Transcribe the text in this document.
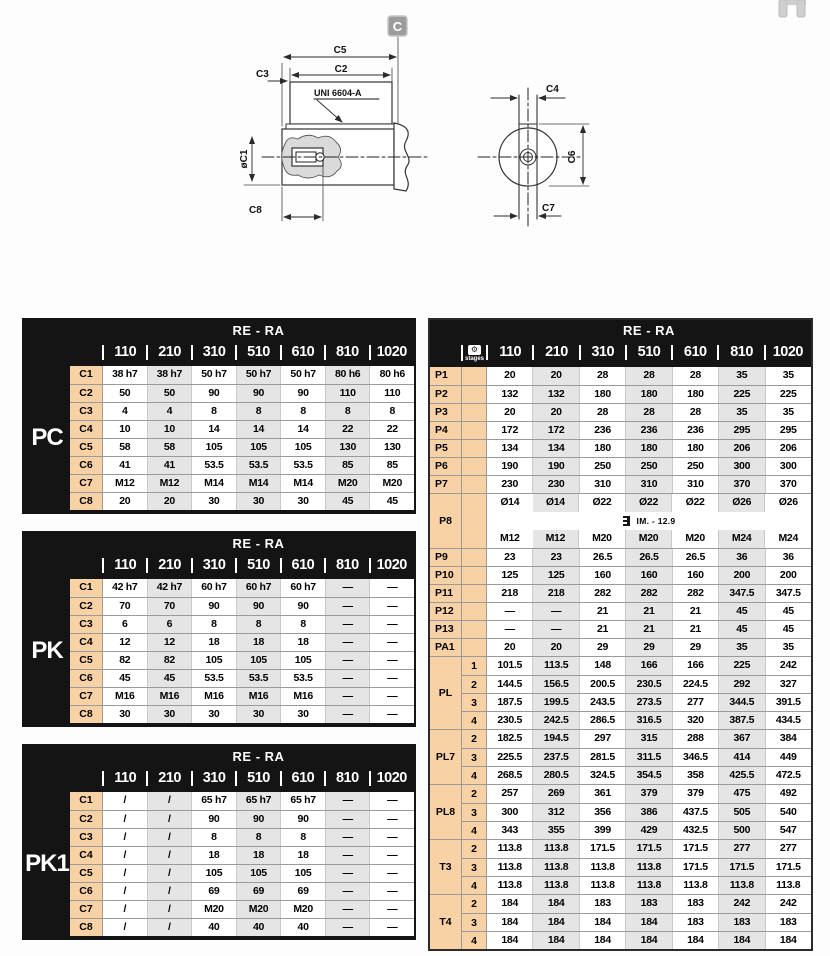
C
UNI 6604-A
C5
C2
C3
øC1
C8
C4
C6
C7
RE - RA
110	210	310	510	610	810	1020
PC
C1	38 h7	38 h7	50 h7	50 h7	50 h7	80 h6	80 h6
C2	50	50	90	90	90	110	110
C3	4	4	8	8	8	8	8
C4	10	10	14	14	14	22	22
C5	58	58	105	105	105	130	130
C6	41	41	53.5	53.5	53.5	85	85
C7	M12	M12	M14	M14	M14	M20	M20
C8	20	20	30	30	30	45	45
RE - RA
110	210	310	510	610	810	1020
PK
C1	42 h7	42 h7	60 h7	60 h7	60 h7	—	—
C2	70	70	90	90	90	—	—
C3	6	6	8	8	8	—	—
C4	12	12	18	18	18	—	—
C5	82	82	105	105	105	—	—
C6	45	45	53.5	53.5	53.5	—	—
C7	M16	M16	M16	M16	M16	—	—
C8	30	30	30	30	30	—	—
RE - RA
110	210	310	510	610	810	1020
PK1
C1	/	/	65 h7	65 h7	65 h7	—	—
C2	/	/	90	90	90	—	—
C3	/	/	8	8	8	—	—
C4	/	/	18	18	18	—	—
C5	/	/	105	105	105	—	—
C6	/	/	69	69	69	—	—
C7	/	/	M20	M20	M20	—	—
C8	/	/	40	40	40	—	—
RE - RA
⚙
stages	110	210	310	510	610	810	1020
P1	20	20	28	28	28	35	35
P2	132	132	180	180	180	225	225
P3	20	20	28	28	28	35	35
P4	172	172	236	236	236	295	295
P5	134	134	180	180	180	206	206
P6	190	190	250	250	250	300	300
P7	230	230	310	310	310	370	370
P8
Ø14	Ø14	Ø22	Ø22	Ø22	Ø26	Ø26
IM. - 12.9
M12	M12	M20	M20	M20	M24	M24
P9	23	23	26.5	26.5	26.5	36	36
P10	125	125	160	160	160	200	200
P11	218	218	282	282	282	347.5	347.5
P12	—	—	21	21	21	45	45
P13	—	—	21	21	21	45	45
PA1	20	20	29	29	29	35	35
PL
1	101.5	113.5	148	166	166	225	242
2	144.5	156.5	200.5	230.5	224.5	292	327
3	187.5	199.5	243.5	273.5	277	344.5	391.5
4	230.5	242.5	286.5	316.5	320	387.5	434.5
PL7
2	182.5	194.5	297	315	288	367	384
3	225.5	237.5	281.5	311.5	346.5	414	449
4	268.5	280.5	324.5	354.5	358	425.5	472.5
PL8
2	257	269	361	379	379	475	492
3	300	312	356	386	437.5	505	540
4	343	355	399	429	432.5	500	547
T3
2	113.8	113.8	171.5	171.5	171.5	277	277
3	113.8	113.8	113.8	113.8	171.5	171.5	171.5
4	113.8	113.8	113.8	113.8	113.8	113.8	113.8
T4
2	184	184	183	183	183	242	242
3	184	184	184	184	183	183	183
4	184	184	184	184	184	184	184
